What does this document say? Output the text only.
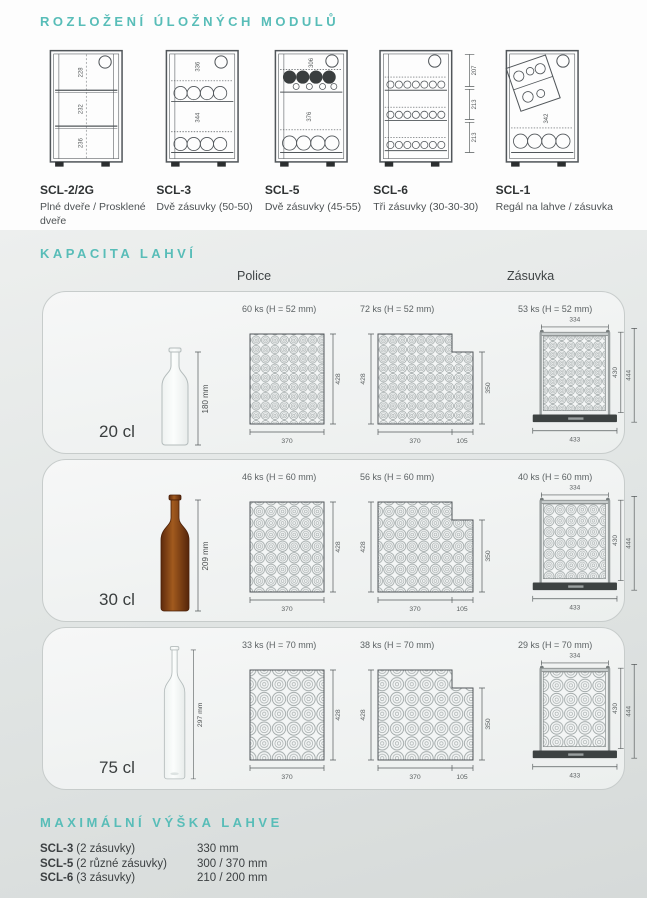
ROZLOŽENÍ ÚLOŽNÝCH MODULŮ
228
232
236
SCL-2/2G
Plné dveře / Prosklené dveře
336
344
SCL-3
Dvě zásuvky (50-50)
306
376
SCL-5
Dvě zásuvky (45-55)
207
213
213
SCL-6
Tři zásuvky (30-30-30)
342
SCL-1
Regál na lahve / zásuvka
KAPACITA LAHVÍ
Police	Zásuvka
20 cl
180 mm
60 ks (H = 52 mm)
428
370
72 ks (H = 52 mm)
428
350
370	105
53 ks (H = 52 mm)
334
430 444
433
30 cl
209 mm
46 ks (H = 60 mm)
428
370
56 ks (H = 60 mm)
428
350
370	105
40 ks (H = 60 mm)
334
430 444
433
75 cl
297 mm
33 ks (H = 70 mm)
428
370
38 ks (H = 70 mm)
428
350
370	105
29 ks (H = 70 mm)
334
430 444
433
MAXIMÁLNÍ VÝŠKA LAHVE
SCL-3 (2 zásuvky)	330 mm
SCL-5 (2 různé zásuvky)	300 / 370 mm
SCL-6 (3 zásuvky)	210 / 200 mm
